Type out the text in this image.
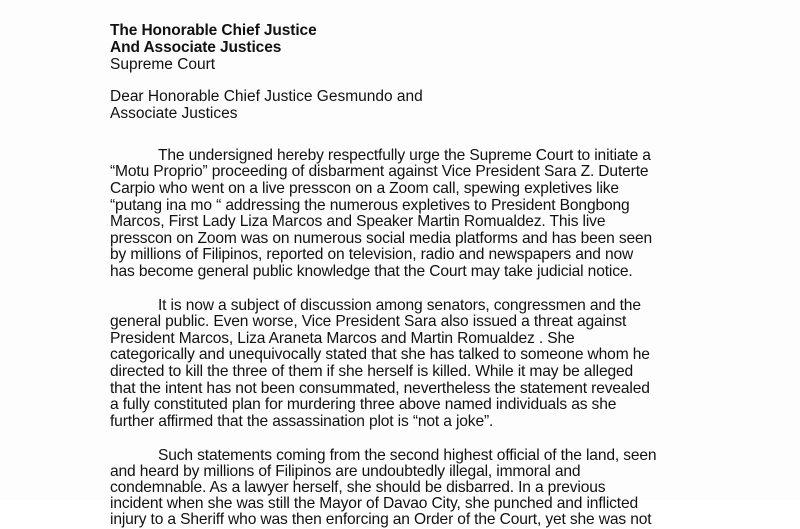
The Honorable Chief Justice
And Associate Justices
Supreme Court
Dear Honorable Chief Justice Gesmundo and
Associate Justices
The undersigned hereby respectfully urge the Supreme Court to initiate a
“Motu Proprio” proceeding of disbarment against Vice President Sara Z. Duterte
Carpio who went on a live presscon on a Zoom call, spewing expletives like
“putang ina mo “ addressing the numerous expletives to President Bongbong
Marcos, First Lady Liza Marcos and Speaker Martin Romualdez. This live
presscon on Zoom was on numerous social media platforms and has been seen
by millions of Filipinos, reported on television, radio and newspapers and now
has become general public knowledge that the Court may take judicial notice.
It is now a subject of discussion among senators, congressmen and the
general public. Even worse, Vice President Sara also issued a threat against
President Marcos, Liza Araneta Marcos and Martin Romualdez . She
categorically and unequivocally stated that she has talked to someone whom he
directed to kill the three of them if she herself is killed. While it may be alleged
that the intent has not been consummated, nevertheless the statement revealed
a fully constituted plan for murdering three above named individuals as she
further affirmed that the assassination plot is “not a joke”.
Such statements coming from the second highest official of the land, seen
and heard by millions of Filipinos are undoubtedly illegal, immoral and
condemnable. As a lawyer herself, she should be disbarred. In a previous
incident when she was still the Mayor of Davao City, she punched and inflicted
injury to a Sheriff who was then enforcing an Order of the Court, yet she was not
